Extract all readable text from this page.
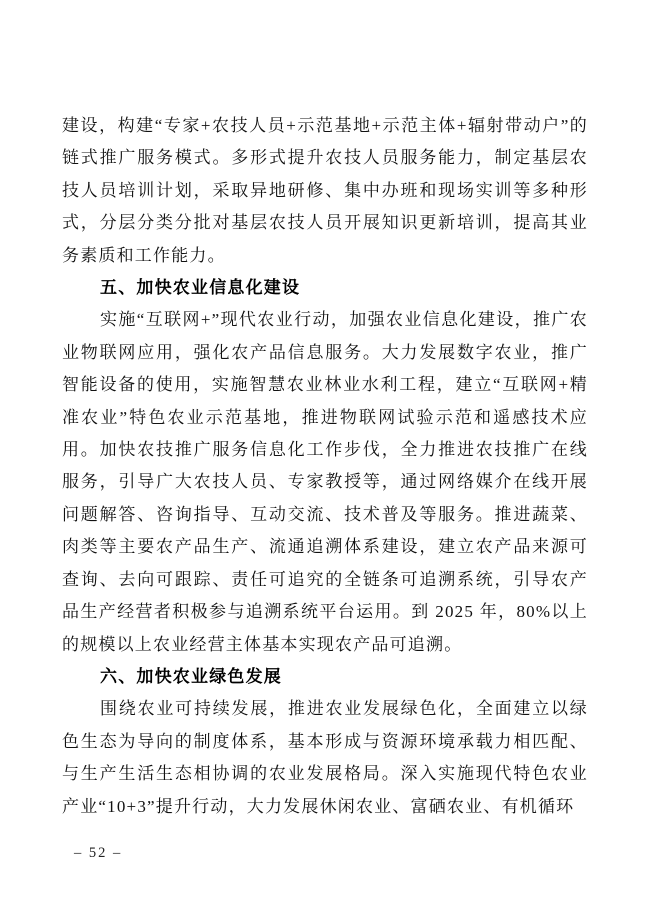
建设，构建“专家+农技人员+示范基地+示范主体+辐射带动户”的链式推广服务模式。多形式提升农技人员服务能力，制定基层农技人员培训计划，采取异地研修、集中办班和现场实训等多种形式，分层分类分批对基层农技人员开展知识更新培训，提高其业务素质和工作能力。

五、加快农业信息化建设

实施“互联网+”现代农业行动，加强农业信息化建设，推广农业物联网应用，强化农产品信息服务。大力发展数字农业，推广智能设备的使用，实施智慧农业林业水利工程，建立“互联网+精准农业”特色农业示范基地，推进物联网试验示范和遥感技术应用。加快农技推广服务信息化工作步伐，全力推进农技推广在线服务，引导广大农技人员、专家教授等，通过网络媒介在线开展问题解答、咨询指导、互动交流、技术普及等服务。推进蔬菜、肉类等主要农产品生产、流通追溯体系建设，建立农产品来源可查询、去向可跟踪、责任可追究的全链条可追溯系统，引导农产品生产经营者积极参与追溯系统平台运用。到 2025 年，80%以上的规模以上农业经营主体基本实现农产品可追溯。

六、加快农业绿色发展

围绕农业可持续发展，推进农业发展绿色化，全面建立以绿色生态为导向的制度体系，基本形成与资源环境承载力相匹配、与生产生活生态相协调的农业发展格局。深入实施现代特色农业产业“10+3”提升行动，大力发展休闲农业、富硒农业、有机循环

– 52 –
